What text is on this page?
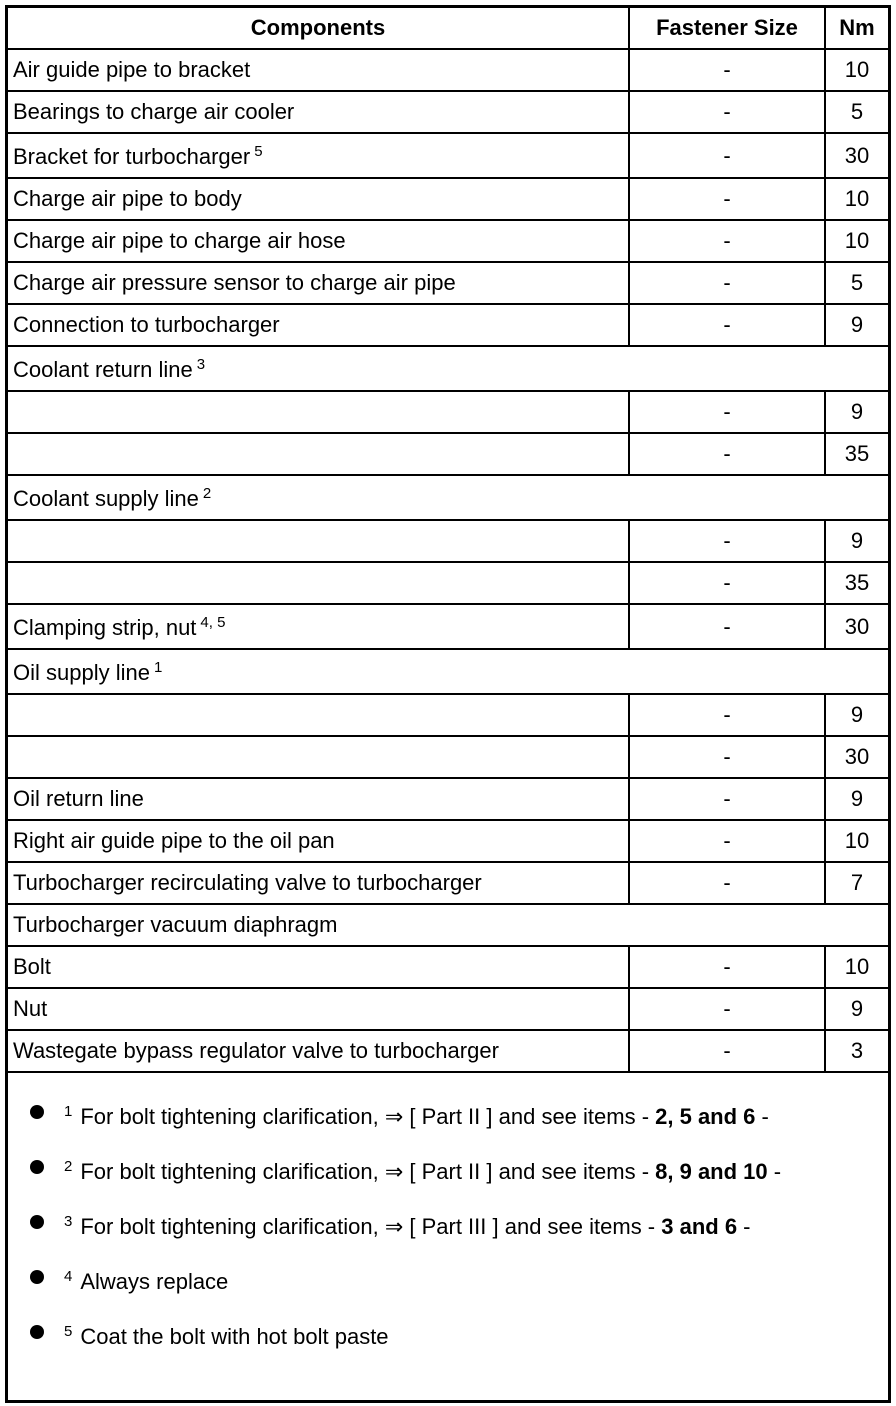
Components	Fastener Size	Nm
Air guide pipe to bracket	-	10
Bearings to charge air cooler	-	5
Bracket for turbocharger $^5$	-	30
Charge air pipe to body	-	10
Charge air pipe to charge air hose	-	10
Charge air pressure sensor to charge air pipe	-	5
Connection to turbocharger	-	9
Coolant return line $^3$
	-	9
	-	35
Coolant supply line $^2$
	-	9
	-	35
Clamping strip, nut $^{4, 5}$	-	30
Oil supply line $^1$
	-	9
	-	30
Oil return line	-	9
Right air guide pipe to the oil pan	-	10
Turbocharger recirculating valve to turbocharger	-	7
Turbocharger vacuum diaphragm		
Bolt	-	10
Nut	-	9
Wastegate bypass regulator valve to turbocharger	-	3
$^1$ For bolt tightening clarification, ⇒ [ Part II ] and see items - 2, 5 and 6 -
$^2$ For bolt tightening clarification, ⇒ [ Part II ] and see items - 8, 9 and 10 -
$^3$ For bolt tightening clarification, ⇒ [ Part III ] and see items - 3 and 6 -
$^4$ Always replace
$^5$ Coat the bolt with hot bolt paste
